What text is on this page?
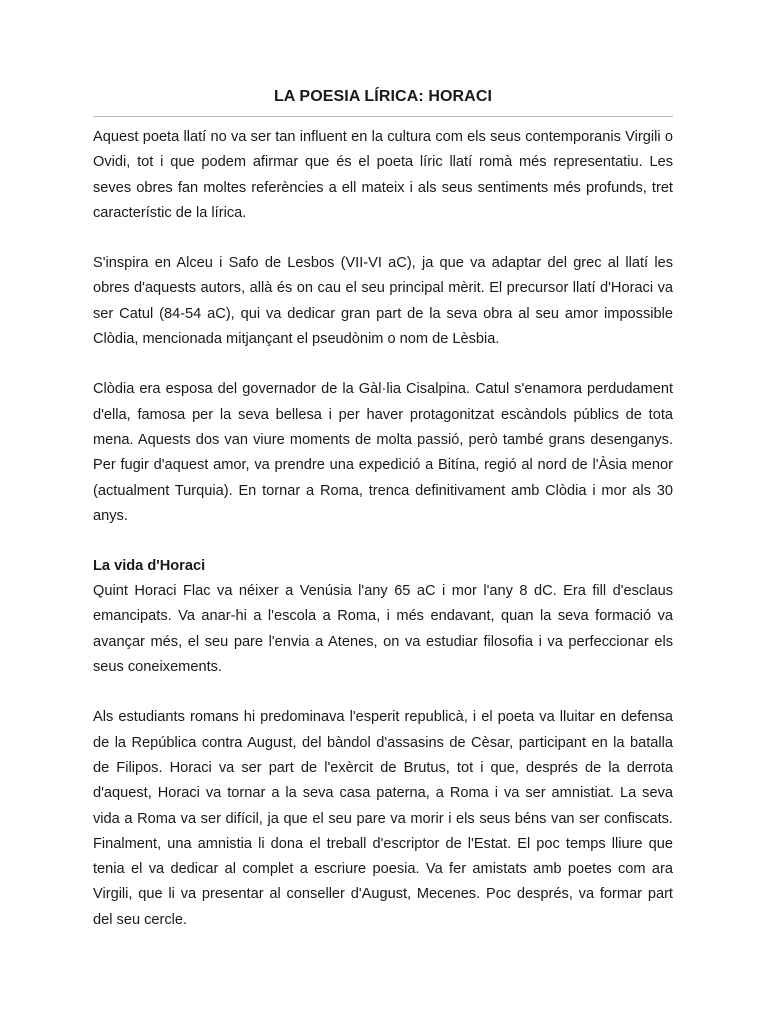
LA POESIA LÍRICA: HORACI

Aquest poeta llatí no va ser tan influent en la cultura com els seus contemporanis Virgili o Ovidi, tot i que podem afirmar que és el poeta líric llatí romà més representatiu. Les seves obres fan moltes referències a ell mateix i als seus sentiments més profunds, tret característic de la lírica.

S'inspira en Alceu i Safo de Lesbos (VII-VI aC), ja que va adaptar del grec al llatí les obres d'aquests autors, allà és on cau el seu principal mèrit. El precursor llatí d'Horaci va ser Catul (84-54 aC), qui va dedicar gran part de la seva obra al seu amor impossible Clòdia, mencionada mitjançant el pseudònim o nom de Lèsbia.

Clòdia era esposa del governador de la Gàl·lia Cisalpina. Catul s'enamora perdudament d'ella, famosa per la seva bellesa i per haver protagonitzat escàndols públics de tota mena. Aquests dos van viure moments de molta passió, però també grans desenganys. Per fugir d'aquest amor, va prendre una expedició a Bitína, regió al nord de l'Àsia menor (actualment Turquia). En tornar a Roma, trenca definitivament amb Clòdia i mor als 30 anys.

La vida d'Horaci

Quint Horaci Flac va néixer a Venúsia l'any 65 aC i mor l'any 8 dC. Era fill d'esclaus emancipats. Va anar-hi a l'escola a Roma, i més endavant, quan la seva formació va avançar més, el seu pare l'envia a Atenes, on va estudiar filosofia i va perfeccionar els seus coneixements.

Als estudiants romans hi predominava l'esperit republicà, i el poeta va lluitar en defensa de la República contra August, del bàndol d'assasins de Cèsar, participant en la batalla de Filipos. Horaci va ser part de l'exèrcit de Brutus, tot i que, després de la derrota d'aquest, Horaci va tornar a la seva casa paterna, a Roma i va ser amnistiat. La seva vida a Roma va ser difícil, ja que el seu pare va morir i els seus béns van ser confiscats. Finalment, una amnistia li dona el treball d'escriptor de l'Estat. El poc temps lliure que tenia el va dedicar al complet a escriure poesia. Va fer amistats amb poetes com ara Virgili, que li va presentar al conseller d'August, Mecenes. Poc després, va formar part del seu cercle.
